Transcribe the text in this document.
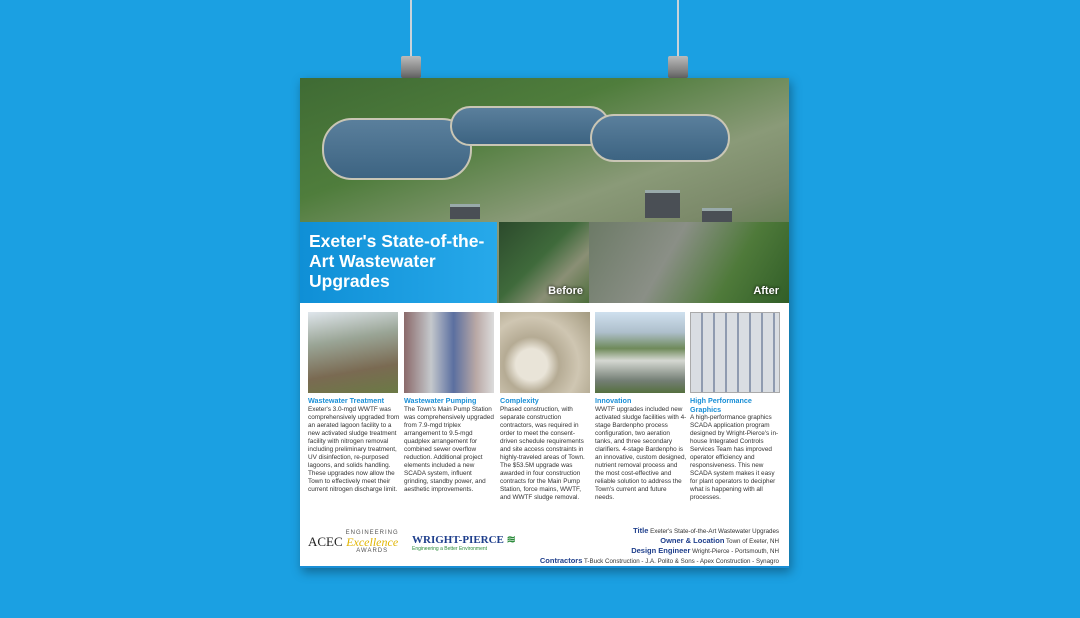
Exeter's State-of-the-Art Wastewater Upgrades	Before	After
Wastewater Treatment

Exeter's 3.0-mgd WWTF was comprehensively upgraded from an aerated lagoon facility to a new activated sludge treatment facility with nitrogen removal including preliminary treatment, UV disinfection, re-purposed lagoons, and solids handling. These upgrades now allow the Town to effectively meet their current nitrogen discharge limit.

Wastewater Pumping

The Town's Main Pump Station was comprehensively upgraded from 7.9-mgd triplex arrangement to 9.5-mgd quadplex arrangement for combined sewer overflow reduction. Additional project elements included a new SCADA system, influent grinding, standby power, and aesthetic improvements.

Complexity

Phased construction, with separate construction contractors, was required in order to meet the consent-driven schedule requirements and site access constraints in highly-traveled areas of Town. The $53.5M upgrade was awarded in four construction contracts for the Main Pump Station, force mains, WWTF, and WWTF sludge removal.

Innovation

WWTF upgrades included new activated sludge facilities with 4-stage Bardenpho process configuration, two aeration tanks, and three secondary clarifiers. 4-stage Bardenpho is an innovative, custom designed, nutrient removal process and the most cost-effective and reliable solution to address the Town's current and future needs.

High Performance Graphics

A high-performance graphics SCADA application program designed by Wright-Pierce's in-house Integrated Controls Services Team has improved operator efficiency and responsiveness. This new SCADA system makes it easy for plant operators to decipher what is happening with all processes.

ACEC
ENGINEERING
Excellence
AWARDS
WRIGHT-PIERCE ≋
Engineering a Better Environment
Title Exeter's State-of-the-Art Wastewater Upgrades
Owner & Location Town of Exeter, NH
Design Engineer Wright-Pierce - Portsmouth, NH
Contractors T-Buck Construction - J.A. Polito & Sons - Apex Construction - Synagro
